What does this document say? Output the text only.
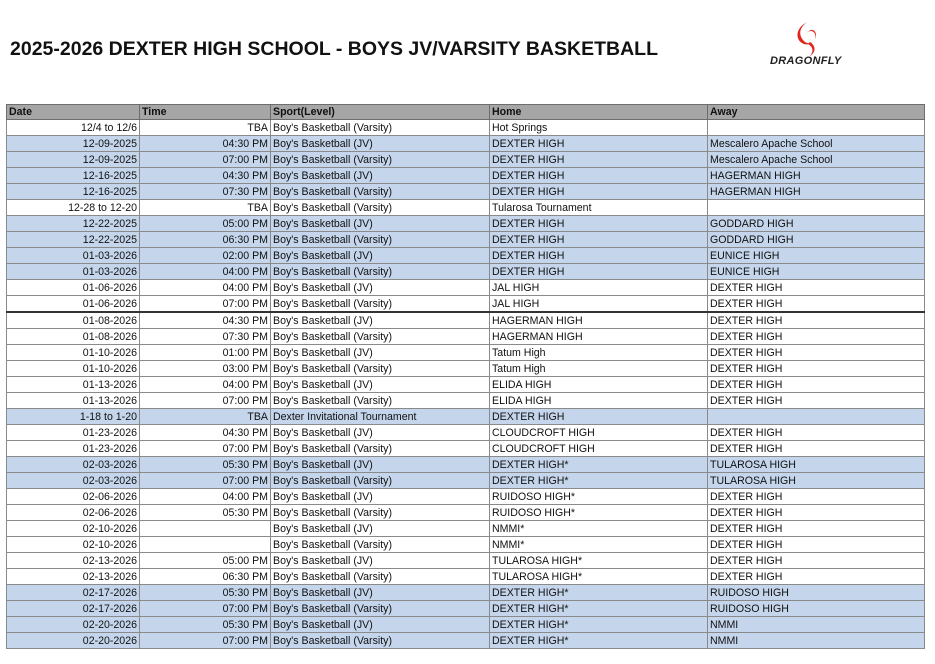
2025-2026 DEXTER HIGH SCHOOL - BOYS JV/VARSITY BASKETBALL
DRAGONFLY
Date	Time	Sport(Level)	Home	Away
12/4 to 12/6	TBA	Boy's Basketball (Varsity)	Hot Springs	
12-09-2025	04:30 PM	Boy's Basketball (JV)	DEXTER HIGH	Mescalero Apache School
12-09-2025	07:00 PM	Boy's Basketball (Varsity)	DEXTER HIGH	Mescalero Apache School
12-16-2025	04:30 PM	Boy's Basketball (JV)	DEXTER HIGH	HAGERMAN HIGH
12-16-2025	07:30 PM	Boy's Basketball (Varsity)	DEXTER HIGH	HAGERMAN HIGH
12-28 to 12-20	TBA	Boy's Basketball (Varsity)	Tularosa Tournament	
12-22-2025	05:00 PM	Boy's Basketball (JV)	DEXTER HIGH	GODDARD HIGH
12-22-2025	06:30 PM	Boy's Basketball (Varsity)	DEXTER HIGH	GODDARD HIGH
01-03-2026	02:00 PM	Boy's Basketball (JV)	DEXTER HIGH	EUNICE HIGH
01-03-2026	04:00 PM	Boy's Basketball (Varsity)	DEXTER HIGH	EUNICE HIGH
01-06-2026	04:00 PM	Boy's Basketball (JV)	JAL HIGH	DEXTER HIGH
01-06-2026	07:00 PM	Boy's Basketball (Varsity)	JAL HIGH	DEXTER HIGH
01-08-2026	04:30 PM	Boy's Basketball (JV)	HAGERMAN HIGH	DEXTER HIGH
01-08-2026	07:30 PM	Boy's Basketball (Varsity)	HAGERMAN HIGH	DEXTER HIGH
01-10-2026	01:00 PM	Boy's Basketball (JV)	Tatum High	DEXTER HIGH
01-10-2026	03:00 PM	Boy's Basketball (Varsity)	Tatum High	DEXTER HIGH
01-13-2026	04:00 PM	Boy's Basketball (JV)	ELIDA HIGH	DEXTER HIGH
01-13-2026	07:00 PM	Boy's Basketball (Varsity)	ELIDA HIGH	DEXTER HIGH
1-18 to 1-20	TBA	Dexter Invitational Tournament	DEXTER HIGH	
01-23-2026	04:30 PM	Boy's Basketball (JV)	CLOUDCROFT HIGH	DEXTER HIGH
01-23-2026	07:00 PM	Boy's Basketball (Varsity)	CLOUDCROFT HIGH	DEXTER HIGH
02-03-2026	05:30 PM	Boy's Basketball (JV)	DEXTER HIGH*	TULAROSA HIGH
02-03-2026	07:00 PM	Boy's Basketball (Varsity)	DEXTER HIGH*	TULAROSA HIGH
02-06-2026	04:00 PM	Boy's Basketball (JV)	RUIDOSO HIGH*	DEXTER HIGH
02-06-2026	05:30 PM	Boy's Basketball (Varsity)	RUIDOSO HIGH*	DEXTER HIGH
02-10-2026		Boy's Basketball (JV)	NMMI*	DEXTER HIGH
02-10-2026		Boy's Basketball (Varsity)	NMMI*	DEXTER HIGH
02-13-2026	05:00 PM	Boy's Basketball (JV)	TULAROSA HIGH*	DEXTER HIGH
02-13-2026	06:30 PM	Boy's Basketball (Varsity)	TULAROSA HIGH*	DEXTER HIGH
02-17-2026	05:30 PM	Boy's Basketball (JV)	DEXTER HIGH*	RUIDOSO HIGH
02-17-2026	07:00 PM	Boy's Basketball (Varsity)	DEXTER HIGH*	RUIDOSO HIGH
02-20-2026	05:30 PM	Boy's Basketball (JV)	DEXTER HIGH*	NMMI
02-20-2026	07:00 PM	Boy's Basketball (Varsity)	DEXTER HIGH*	NMMI
